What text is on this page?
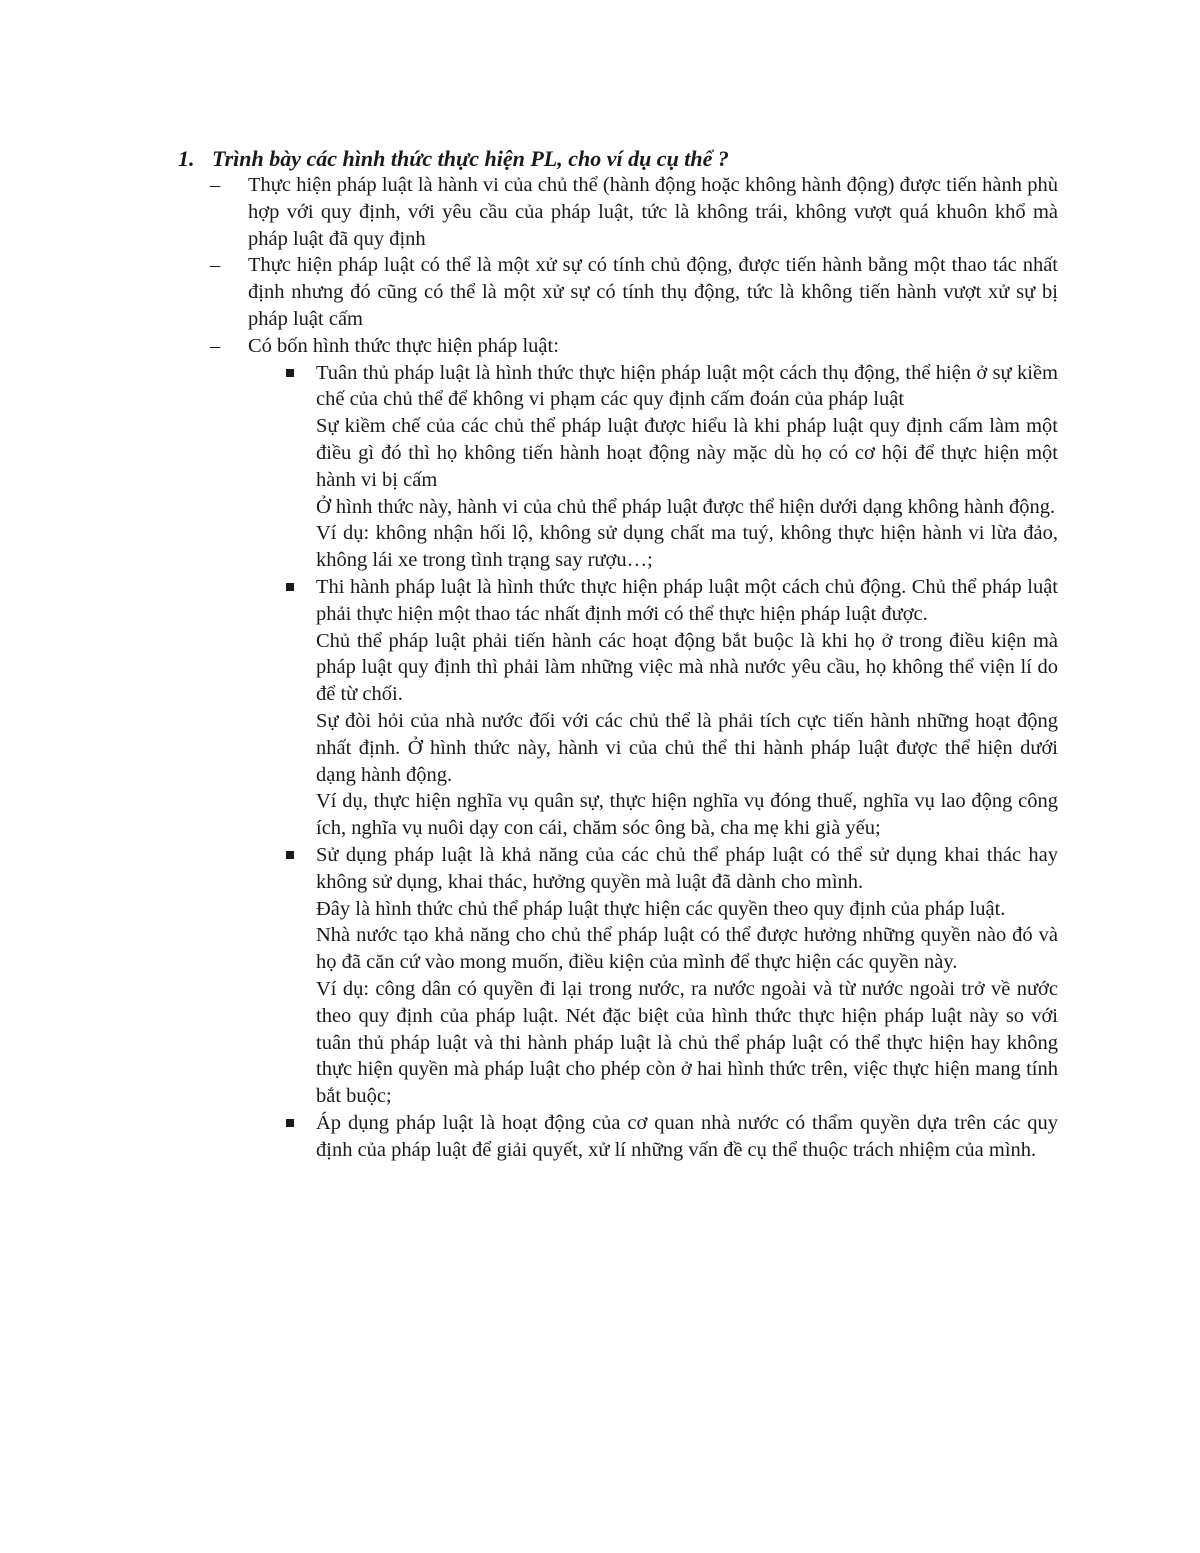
1. Trình bày các hình thức thực hiện PL, cho ví dụ cụ thể ?
–	Thực hiện pháp luật là hành vi của chủ thể (hành động hoặc không hành động) được tiến hành phù hợp với quy định, với yêu cầu của pháp luật, tức là không trái, không vượt quá khuôn khổ mà pháp luật đã quy định
–	Thực hiện pháp luật có thể là một xử sự có tính chủ động, được tiến hành bằng một thao tác nhất định nhưng đó cũng có thể là một xử sự có tính thụ động, tức là không tiến hành vượt xử sự bị pháp luật cấm
–	Có bốn hình thức thực hiện pháp luật:
Tuân thủ pháp luật là hình thức thực hiện pháp luật một cách thụ động, thể hiện ở sự kiềm chế của chủ thể để không vi phạm các quy định cấm đoán của pháp luật
Sự kiềm chế của các chủ thể pháp luật được hiểu là khi pháp luật quy định cấm làm một điều gì đó thì họ không tiến hành hoạt động này mặc dù họ có cơ hội để thực hiện một hành vi bị cấm
Ở hình thức này, hành vi của chủ thể pháp luật được thể hiện dưới dạng không hành động.
Ví dụ: không nhận hối lộ, không sử dụng chất ma tuý, không thực hiện hành vi lừa đảo, không lái xe trong tình trạng say rượu…;
Thi hành pháp luật là hình thức thực hiện pháp luật một cách chủ động. Chủ thể pháp luật phải thực hiện một thao tác nhất định mới có thể thực hiện pháp luật được.
Chủ thể pháp luật phải tiến hành các hoạt động bắt buộc là khi họ ở trong điều kiện mà pháp luật quy định thì phải làm những việc mà nhà nước yêu cầu, họ không thể viện lí do để từ chối.
Sự đòi hỏi của nhà nước đối với các chủ thể là phải tích cực tiến hành những hoạt động nhất định. Ở hình thức này, hành vi của chủ thể thi hành pháp luật được thể hiện dưới dạng hành động.
Ví dụ, thực hiện nghĩa vụ quân sự, thực hiện nghĩa vụ đóng thuế, nghĩa vụ lao động công ích, nghĩa vụ nuôi dạy con cái, chăm sóc ông bà, cha mẹ khi già yếu;
Sử dụng pháp luật là khả năng của các chủ thể pháp luật có thể sử dụng khai thác hay không sử dụng, khai thác, hưởng quyền mà luật đã dành cho mình.
Đây là hình thức chủ thể pháp luật thực hiện các quyền theo quy định của pháp luật.
Nhà nước tạo khả năng cho chủ thể pháp luật có thể được hưởng những quyền nào đó và họ đã căn cứ vào mong muốn, điều kiện của mình để thực hiện các quyền này.
Ví dụ: công dân có quyền đi lại trong nước, ra nước ngoài và từ nước ngoài trở về nước theo quy định của pháp luật. Nét đặc biệt của hình thức thực hiện pháp luật này so với tuân thủ pháp luật và thi hành pháp luật là chủ thể pháp luật có thể thực hiện hay không thực hiện quyền mà pháp luật cho phép còn ở hai hình thức trên, việc thực hiện mang tính bắt buộc;
Áp dụng pháp luật là hoạt động của cơ quan nhà nước có thẩm quyền dựa trên các quy định của pháp luật để giải quyết, xử lí những vấn đề cụ thể thuộc trách nhiệm của mình.
